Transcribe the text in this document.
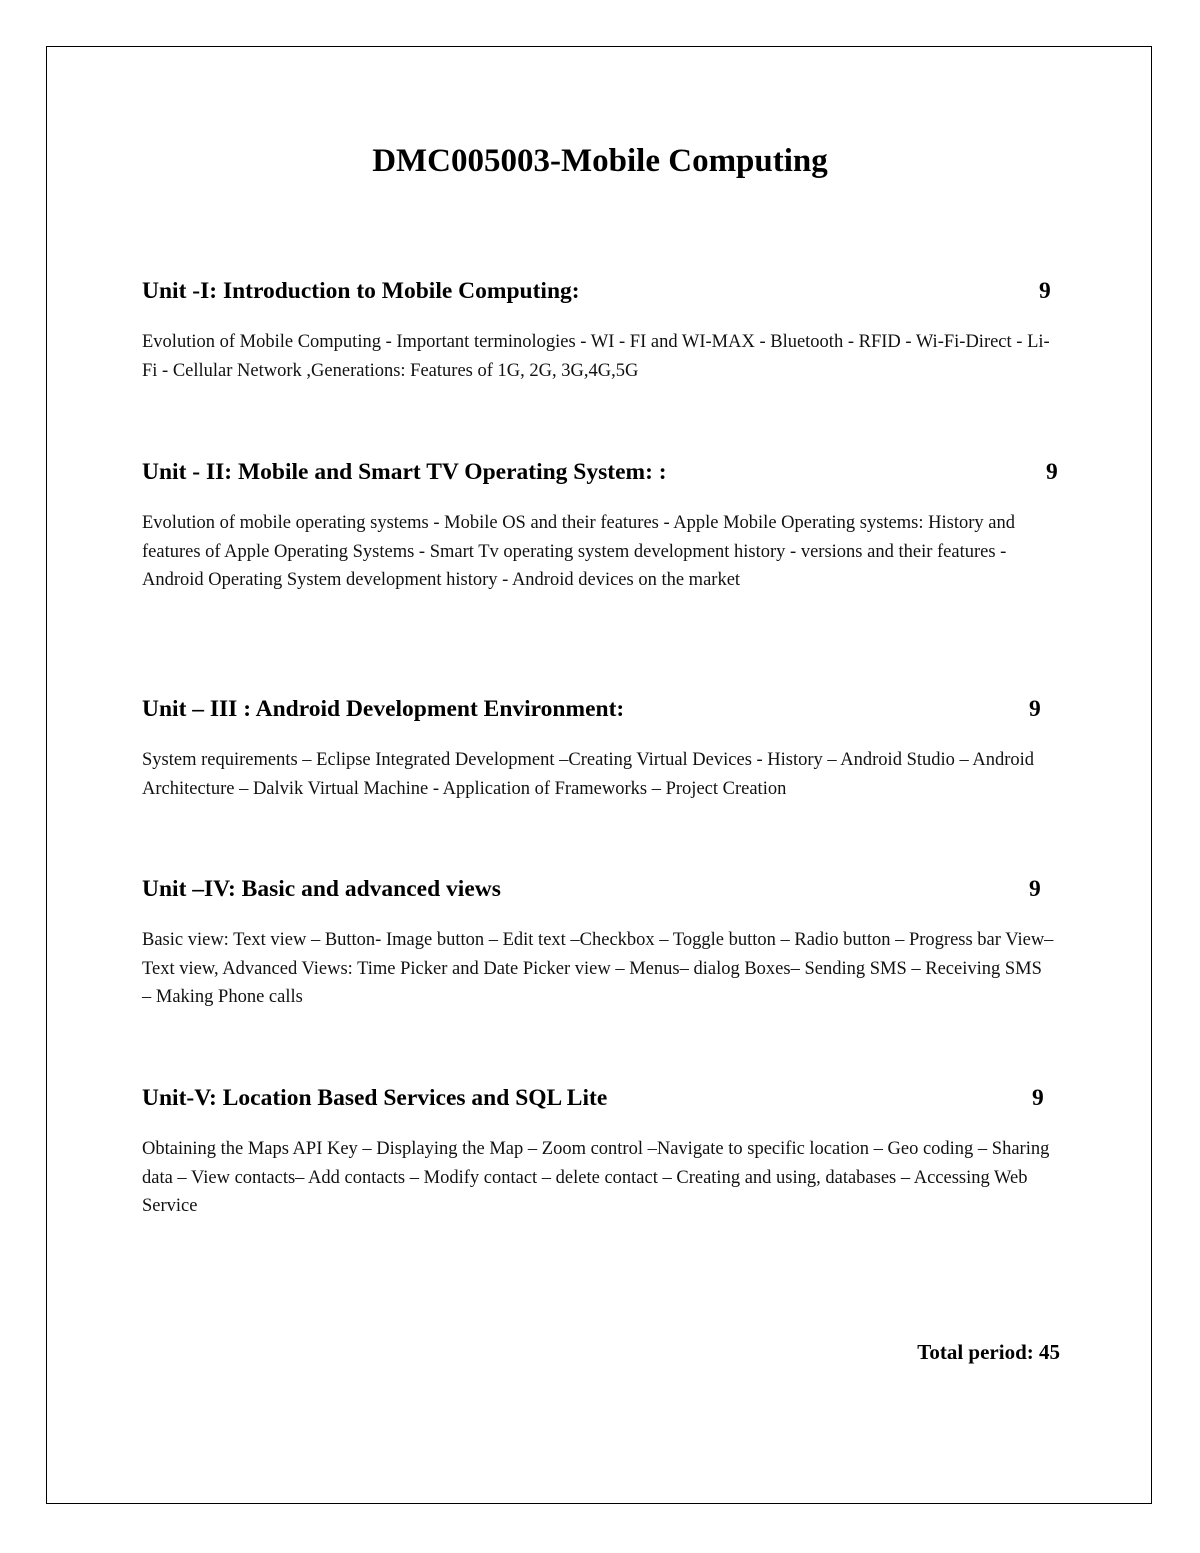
DMC005003-Mobile Computing
Unit -I: Introduction to Mobile Computing:	9
Evolution of Mobile Computing - Important terminologies - WI - FI and WI-MAX - Bluetooth - RFID - Wi-Fi-Direct - Li-Fi - Cellular Network ,Generations: Features of 1G, 2G, 3G,4G,5G
Unit - II: Mobile and Smart TV Operating System: :	9
Evolution of mobile operating systems - Mobile OS and their features - Apple Mobile Operating systems: History and features of Apple Operating Systems - Smart Tv operating system development history - versions and their features - Android Operating System development history - Android devices on the market
Unit – III : Android Development Environment:	9
System requirements – Eclipse Integrated Development –Creating Virtual Devices - History – Android Studio – Android Architecture – Dalvik Virtual Machine - Application of Frameworks – Project Creation
Unit –IV: Basic and advanced views	9
Basic view: Text view – Button- Image button – Edit text –Checkbox – Toggle button – Radio button – Progress bar View–Text view, Advanced Views: Time Picker and Date Picker view – Menus– dialog Boxes– Sending SMS – Receiving SMS – Making Phone calls
Unit-V: Location Based Services and SQL Lite	9
Obtaining the Maps API Key – Displaying the Map – Zoom control –Navigate to specific location – Geo coding – Sharing data – View contacts– Add contacts – Modify contact – delete contact – Creating and using, databases – Accessing Web Service
Total period: 45
